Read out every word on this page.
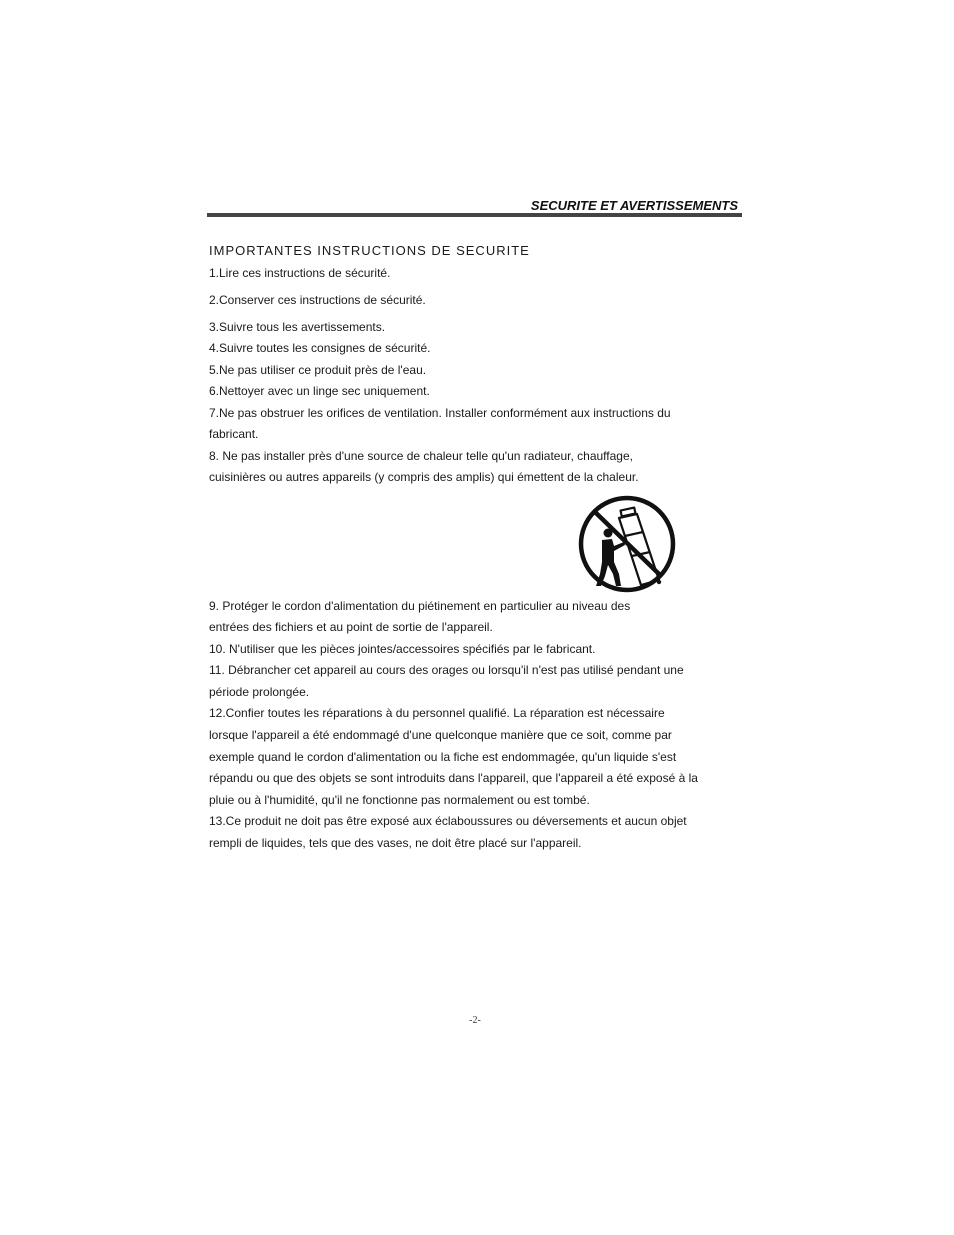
SECURITE ET AVERTISSEMENTS
IMPORTANTES INSTRUCTIONS DE SECURITE
1.Lire ces instructions de sécurité.
2.Conserver ces instructions de sécurité.
3.Suivre tous les avertissements.
4.Suivre toutes les consignes de sécurité.
5.Ne pas utiliser ce produit près de l'eau.
6.Nettoyer avec un linge sec uniquement.
7.Ne pas obstruer les orifices de ventilation. Installer conformément aux instructions du
fabricant.
8. Ne pas installer près d'une source de chaleur telle qu'un radiateur, chauffage,
cuisinières ou autres appareils (y compris des amplis) qui émettent de la chaleur.
9. Protéger le cordon d'alimentation du piétinement en particulier au niveau des
entrées des fichiers et au point de sortie de l'appareil.
10. N'utiliser que les pièces jointes/accessoires spécifiés par le fabricant.
11. Débrancher cet appareil au cours des orages ou lorsqu'il n'est pas utilisé pendant une
période prolongée.
12.Confier toutes les réparations à du personnel qualifié. La réparation est nécessaire
lorsque l'appareil a été endommagé d'une quelconque manière que ce soit, comme par
exemple quand le cordon d'alimentation ou la fiche est endommagée, qu'un liquide s'est
répandu ou que des objets se sont introduits dans l'appareil, que l'appareil a été exposé à la
pluie ou à l'humidité, qu'il ne fonctionne pas normalement ou est tombé.
13.Ce produit ne doit pas être exposé aux éclaboussures ou déversements et aucun objet
rempli de liquides, tels que des vases, ne doit être placé sur l'appareil.
-2-
